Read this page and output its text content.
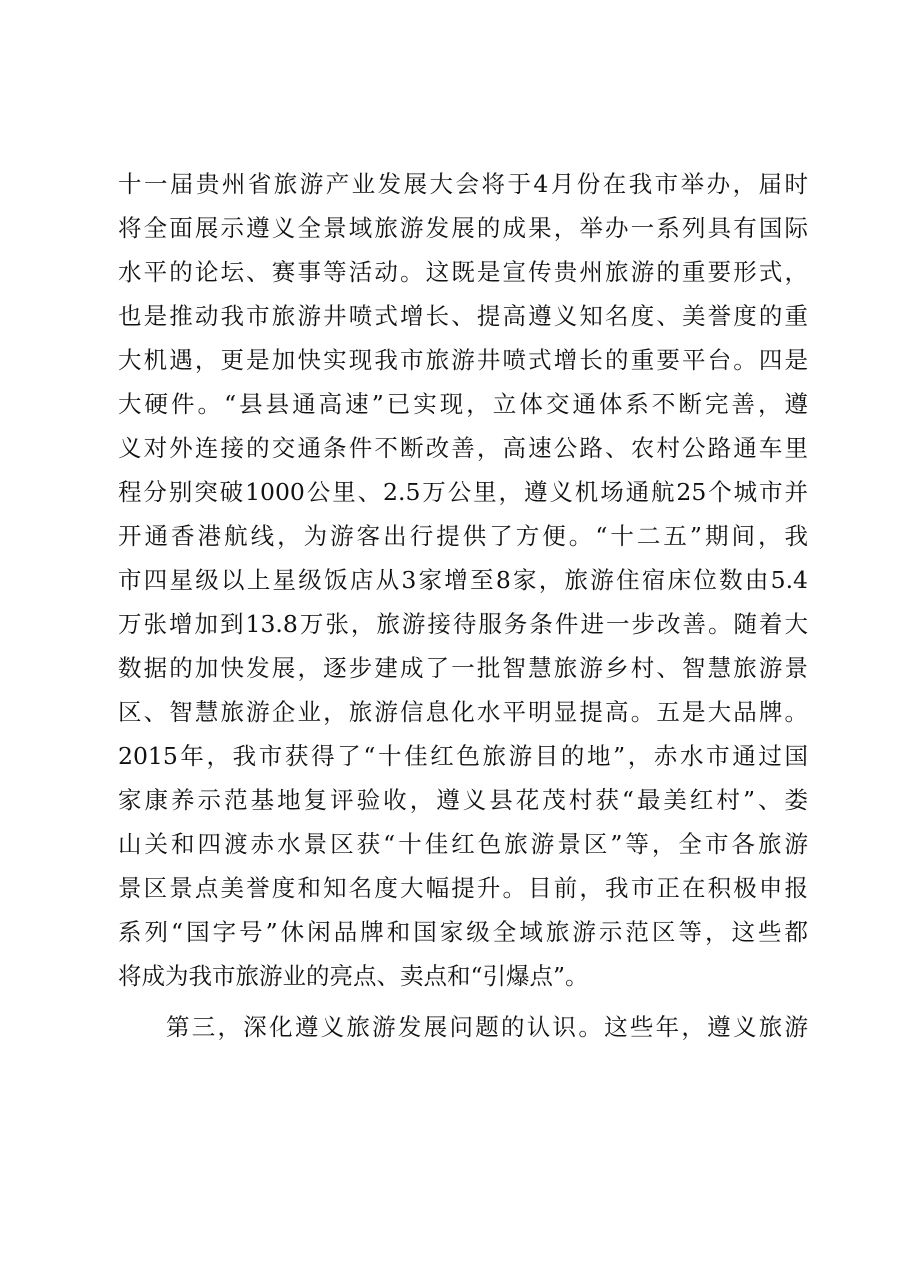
十一届贵州省旅游产业发展大会将于4月份在我市举办，届时
将全面展示遵义全景域旅游发展的成果，举办一系列具有国际
水平的论坛、赛事等活动。这既是宣传贵州旅游的重要形式，
也是推动我市旅游井喷式增长、提高遵义知名度、美誉度的重
大机遇，更是加快实现我市旅游井喷式增长的重要平台。四是
大硬件。“县县通高速”已实现，立体交通体系不断完善，遵
义对外连接的交通条件不断改善，高速公路、农村公路通车里
程分别突破1000公里、2.5万公里，遵义机场通航25个城市并
开通香港航线，为游客出行提供了方便。“十二五”期间，我
市四星级以上星级饭店从3家增至8家，旅游住宿床位数由5.4
万张增加到13.8万张，旅游接待服务条件进一步改善。随着大
数据的加快发展，逐步建成了一批智慧旅游乡村、智慧旅游景
区、智慧旅游企业，旅游信息化水平明显提高。五是大品牌。
2015年，我市获得了“十佳红色旅游目的地”，赤水市通过国
家康养示范基地复评验收，遵义县花茂村获“最美红村”、娄
山关和四渡赤水景区获“十佳红色旅游景区”等，全市各旅游
景区景点美誉度和知名度大幅提升。目前，我市正在积极申报
系列“国字号”休闲品牌和国家级全域旅游示范区等，这些都
将成为我市旅游业的亮点、卖点和“引爆点”。
第三，深化遵义旅游发展问题的认识。这些年，遵义旅游
